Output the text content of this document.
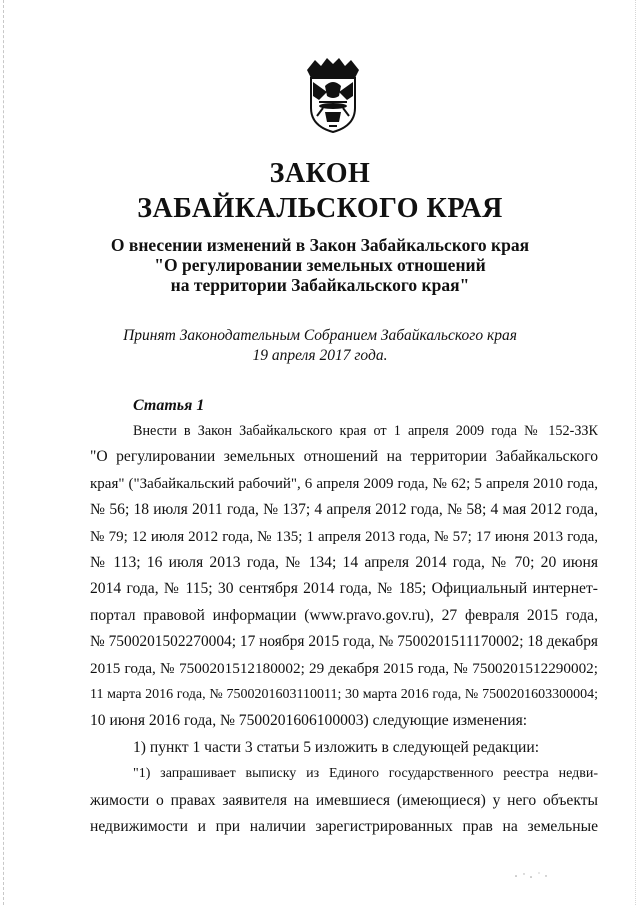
ЗАКОН
ЗАБАЙКАЛЬСКОГО КРАЯ
О внесении изменений в Закон Забайкальского края
"О регулировании земельных отношений
на территории Забайкальского края"
Принят Законодательным Собранием Забайкальского края
19 апреля 2017 года.
Статья 1
Внести в Закон Забайкальского края от 1 апреля 2009 года № 152-ЗЗК
"О регулировании земельных отношений на территории Забайкальского
края" ("Забайкальский рабочий", 6 апреля 2009 года, № 62; 5 апреля 2010 года,
№ 56; 18 июля 2011 года, № 137; 4 апреля 2012 года, № 58; 4 мая 2012 года,
№ 79; 12 июля 2012 года, № 135; 1 апреля 2013 года, № 57; 17 июня 2013 года,
№ 113; 16 июля 2013 года, № 134; 14 апреля 2014 года, № 70; 20 июня
2014 года, № 115; 30 сентября 2014 года, № 185; Официальный интернет-
портал правовой информации (www.pravo.gov.ru), 27 февраля 2015 года,
№ 7500201502270004; 17 ноября 2015 года, № 7500201511170002; 18 декабря
2015 года, № 7500201512180002; 29 декабря 2015 года, № 7500201512290002;
11 марта 2016 года, № 7500201603110011; 30 марта 2016 года, № 7500201603300004;
10 июня 2016 года, № 7500201606100003) следующие изменения:
1) пункт 1 части 3 статьи 5 изложить в следующей редакции:
"1) запрашивает выписку из Единого государственного реестра недви-
жимости о правах заявителя на имевшиеся (имеющиеся) у него объекты
недвижимости и при наличии зарегистрированных прав на земельные
